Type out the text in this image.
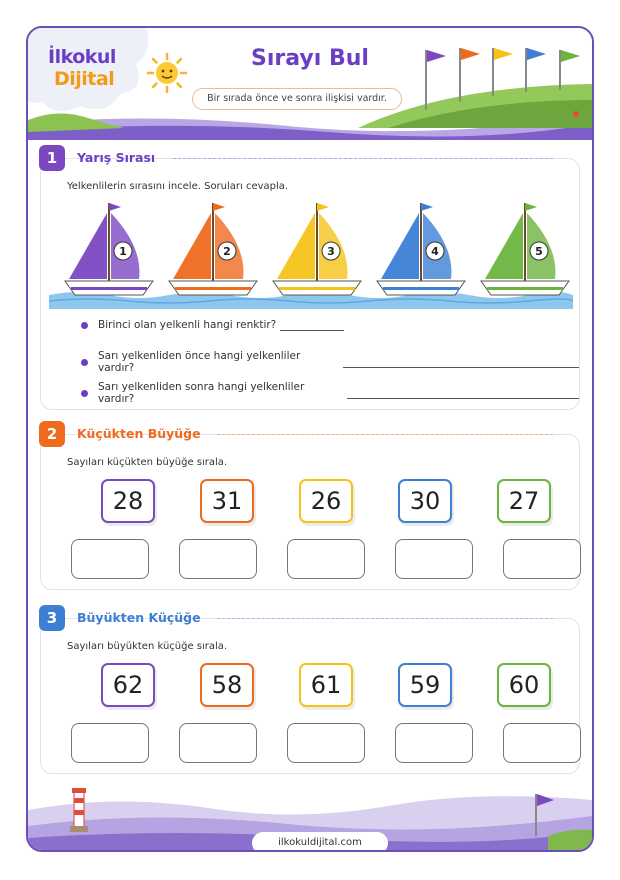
İlkokul
Dijital
Sırayı Bul
Bir sırada önce ve sonra ilişkisi vardır.
1	Yarış Sırası
Yelkenlilerin sırasını incele. Soruları cevapla.
1	2	3	4	5
Birinci olan yelkenli hangi renktir?
Sarı yelkenliden önce hangi yelkenliler vardır?
Sarı yelkenliden sonra hangi yelkenliler vardır?
2	Küçükten Büyüğe
Sayıları küçükten büyüğe sırala.
28	31	26	30	27
3	Büyükten Küçüğe
Sayıları büyükten küçüğe sırala.
62	58	61	59	60
ilkokuldijital.com
